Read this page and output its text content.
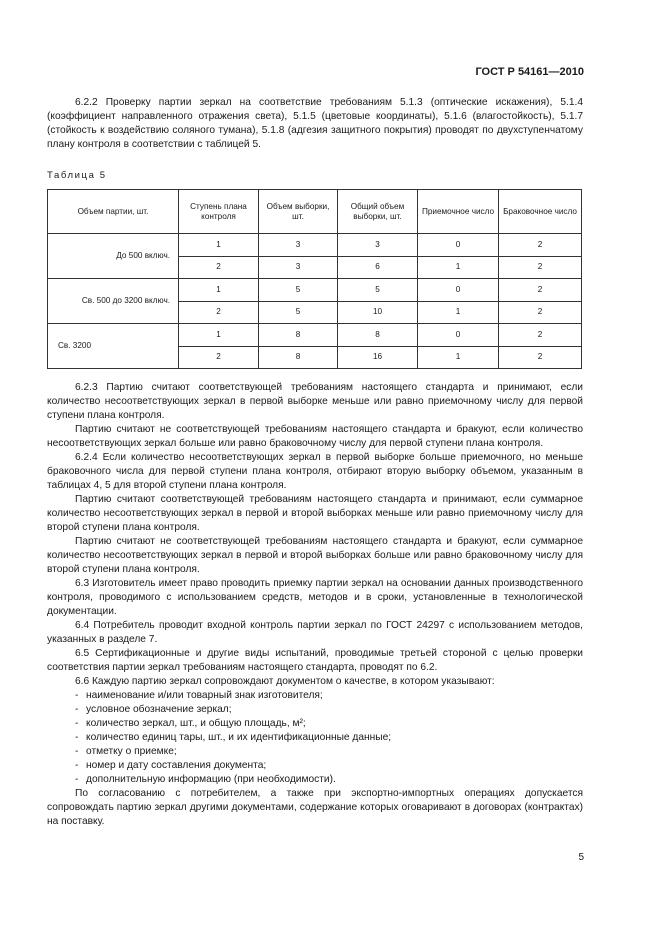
ГОСТ Р 54161—2010

6.2.2 Проверку партии зеркал на соответствие требованиям 5.1.3 (оптические искажения), 5.1.4 (коэффициент направленного отражения света), 5.1.5 (цветовые координаты), 5.1.6 (влагостойкость), 5.1.7 (стойкость к воздействию соляного тумана), 5.1.8 (адгезия защитного покрытия) проводят по двухступенчатому плану контроля в соответствии с таблицей 5.

Таблица 5

Объем партии, шт.	Ступень плана контроля	Объем выборки, шт.	Общий объем выборки, шт.	Приемочное число	Браковочное число
До 500 включ.	1	3	3	0	2
	2	3	6	1	2
Св. 500 до 3200 включ.	1	5	5	0	2
	2	5	10	1	2
Св. 3200	1	8	8	0	2
	2	8	16	1	2

6.2.3 Партию считают соответствующей требованиям настоящего стандарта и принимают, если количество несоответствующих зеркал в первой выборке меньше или равно приемочному числу для первой ступени плана контроля.

Партию считают не соответствующей требованиям настоящего стандарта и бракуют, если количество несоответствующих зеркал больше или равно браковочному числу для первой ступени плана контроля.

6.2.4 Если количество несоответствующих зеркал в первой выборке больше приемочного, но меньше браковочного числа для первой ступени плана контроля, отбирают вторую выборку объемом, указанным в таблицах 4, 5 для второй ступени плана контроля.

Партию считают соответствующей требованиям настоящего стандарта и принимают, если суммарное количество несоответствующих зеркал в первой и второй выборках меньше или равно приемочному числу для второй ступени плана контроля.

Партию считают не соответствующей требованиям настоящего стандарта и бракуют, если суммарное количество несоответствующих зеркал в первой и второй выборках больше или равно браковочному числу для второй ступени плана контроля.

6.3 Изготовитель имеет право проводить приемку партии зеркал на основании данных производственного контроля, проводимого с использованием средств, методов и в сроки, установленные в технологической документации.

6.4 Потребитель проводит входной контроль партии зеркал по ГОСТ 24297 с использованием методов, указанных в разделе 7.

6.5 Сертификационные и другие виды испытаний, проводимые третьей стороной с целью проверки соответствия партии зеркал требованиям настоящего стандарта, проводят по 6.2.

6.6 Каждую партию зеркал сопровождают документом о качестве, в котором указывают:

- наименование и/или товарный знак изготовителя;
- условное обозначение зеркал;
- количество зеркал, шт., и общую площадь, м²;
- количество единиц тары, шт., и их идентификационные данные;
- отметку о приемке;
- номер и дату составления документа;
- дополнительную информацию (при необходимости).

По согласованию с потребителем, а также при экспортно-импортных операциях допускается сопровождать партию зеркал другими документами, содержание которых оговаривают в договорах (контрактах) на поставку.

5
